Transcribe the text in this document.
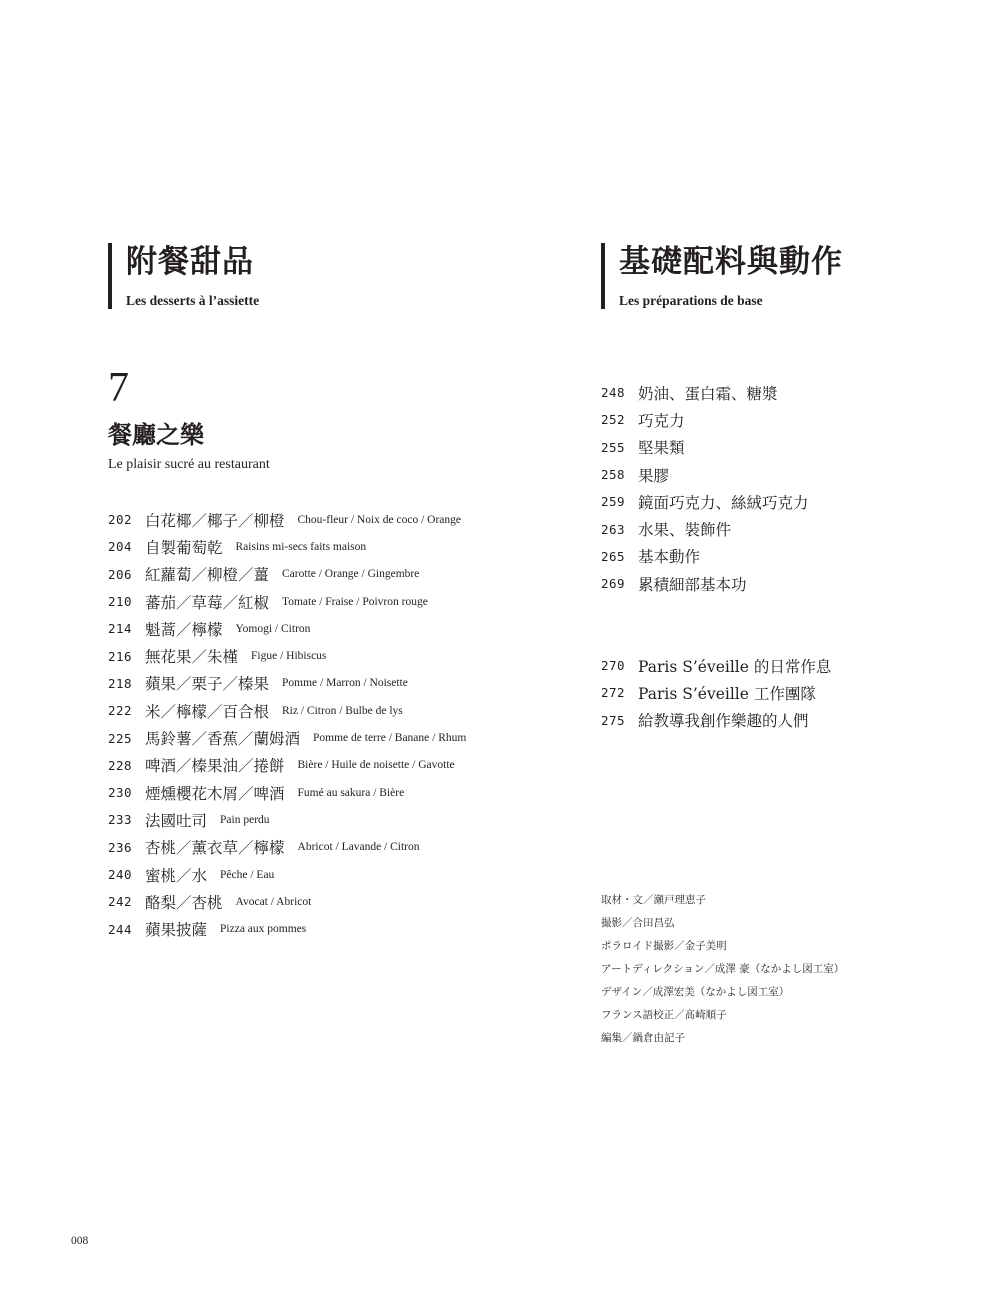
附餐甜品
Les desserts à l’assiette
基礎配料與動作
Les préparations de base
7
餐廳之樂
Le plaisir sucré au restaurant
202 白花椰／椰子／柳橙 Chou-fleur / Noix de coco / Orange
204 自製葡萄乾 Raisins mi-secs faits maison
206 紅蘿蔔／柳橙／薑 Carotte / Orange / Gingembre
210 蕃茄／草莓／紅椒 Tomate / Fraise / Poivron rouge
214 魁蒿／檸檬 Yomogi / Citron
216 無花果／朱槿 Figue / Hibiscus
218 蘋果／栗子／榛果 Pomme / Marron / Noisette
222 米／檸檬／百合根 Riz / Citron / Bulbe de lys
225 馬鈴薯／香蕉／蘭姆酒 Pomme de terre / Banane / Rhum
228 啤酒／榛果油／捲餅 Bière / Huile de noisette / Gavotte
230 煙燻櫻花木屑／啤酒 Fumé au sakura / Bière
233 法國吐司 Pain perdu
236 杏桃／薰衣草／檸檬 Abricot / Lavande / Citron
240 蜜桃／水 Pêche / Eau
242 酪梨／杏桃 Avocat / Abricot
244 蘋果披薩 Pizza aux pommes
248 奶油、蛋白霜、糖漿
252 巧克力
255 堅果類
258 果膠
259 鏡面巧克力、絲絨巧克力
263 水果、裝飾件
265 基本動作
269 累積細部基本功
270 Paris S’éveille 的日常作息
272 Paris S’éveille 工作團隊
275 給教導我創作樂趣的人們
取材・文／瀬戸理恵子
撮影／合田昌弘
ポラロイド撮影／金子美明
アートディレクション／成澤 豪（なかよし図工室）
デザイン／成澤宏美（なかよし図工室）
フランス語校正／髙崎順子
編集／鍋倉由記子
008
